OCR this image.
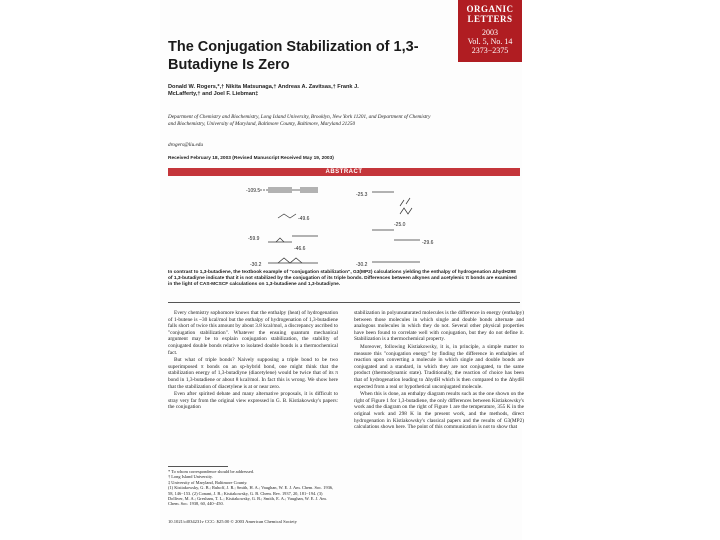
ORGANIC
LETTERS
2003
Vol. 5, No. 14
2373−2375
The Conjugation Stabilization of 1,3-Butadiyne Is Zero
Donald W. Rogers,*,† Nikita Matsunaga,† Andreas A. Zavitsas,† Frank J. McLafferty,† and Joel F. Liebman‡
Department of Chemistry and Biochemistry, Long Island University, Brooklyn, New York 11201, and Department of Chemistry and Biochemistry, University of Maryland, Baltimore County, Baltimore, Maryland 21250
drogers@liu.edu
Received February 18, 2003 (Revised Manuscript Received May 19, 2003)
ABSTRACT
-109.5
-49.6
-59.9
-46.6
-30.2
-25.3
-25.0
-29.6
-30.2
In contrast to 1,3-butadiene, the textbook example of "conjugation stabilization", G3(MP2) calculations yielding the enthalpy of hydrogenation ΔhydH298 of 1,3-butadiyne indicate that it is not stabilized by the conjugation of its triple bonds. Differences between alkynes and acetylenic π bonds are examined in the light of CAS-MCSCF calculations on 1,3-butadiene and 1,3-butadiyne.

Every chemistry sophomore knows that the enthalpy (heat) of hydrogenation of 1-butene is ~30 kcal/mol but the enthalpy of hydrogenation of 1,3-butadiene falls short of twice this amount by about 3.8 kcal/mol, a discrepancy ascribed to "conjugation stabilization". Whatever the ensuing quantum mechanical argument may be to explain conjugation stabilization, the stability of conjugated double bonds relative to isolated double bonds is a thermochemical fact.

But what of triple bonds? Naively supposing a triple bond to be two superimposed π bonds on an sp-hybrid bond, one might think that the stabilization energy of 1,3-butadiyne (diacetylene) would be twice that of its π bond in 1,3-butadiene or about 8 kcal/mol. In fact this is wrong. We show here that the stabilization of diacetylene is at or near zero.

Even after spirited debate and many alternative proposals, it is difficult to stray very far from the original view expressed in G. B. Kistiakowsky's papers: the conjugation

stabilization in polyunsaturated molecules is the difference in energy (enthalpy) between those molecules in which single and double bonds alternate and analogous molecules in which they do not. Several other physical properties have been found to correlate well with conjugation, but they do not define it. Stabilization is a thermochemical property.

Moreover, following Kistiakowsky, it is, in principle, a simple matter to measure this "conjugation energy" by finding the difference in enthalpies of reaction upon converting a molecule in which single and double bonds are conjugated and a standard, in which they are not conjugated, to the same product (thermodynamic state). Traditionally, the reaction of choice has been that of hydrogenation leading to ΔhydH which is then compared to the ΔhydH expected from a real or hypothetical unconjugated molecule.

When this is done, an enthalpy diagram results such as the one shown on the right of Figure 1 for 1,3-butadiene, the only differences between Kistiakowsky's work and the diagram on the right of Figure 1 are the temperature, 355 K in the original work and 298 K in the present work, and the methods, direct hydrogenation in Kistiakowsky's classical papers and the results of G3(MP2) calculations shown here. The point of this communication is not to show that

* To whom correspondence should be addressed.
† Long Island University.
‡ University of Maryland, Baltimore County.
(1) Kistiakowsky, G. B.; Ruhoff, J. R.; Smith, H. A.; Vaughan, W. E. J. Am. Chem. Soc. 1936, 58, 146−153. (2) Conant, J. B.; Kistiakowsky, G. B. Chem. Rev. 1937, 20, 181−194. (3) Dolliver, M. A.; Gresham, T. L.; Kistiakowsky, G. B.; Smith, E. A.; Vaughan, W. E. J. Am. Chem. Soc. 1938, 60, 440−450.
10.1021/ol034231v CCC: $25.00 © 2003 American Chemical Society
